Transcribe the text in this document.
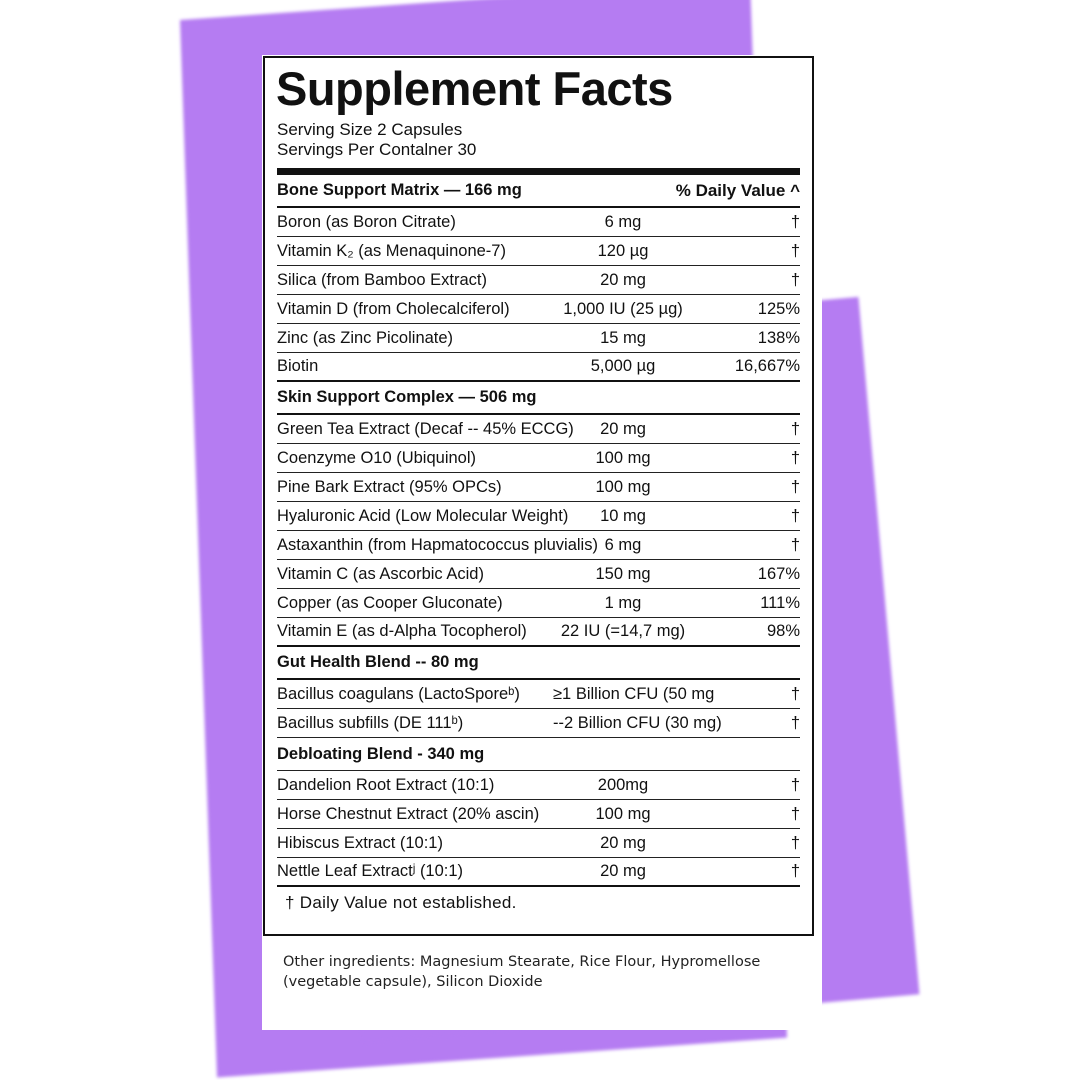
Supplement Facts
Serving Size 2 Capsules
Servings Per Contalner 30
Bone Support Matrix — 166 mg	% Daily Value ^
Boron (as Boron Citrate)	6 mg	†
Vitamin K₂ (as Menaquinone-7)	120 µg	†
Silica (from Bamboo Extract)	20 mg	†
Vitamin D (from Cholecalciferol)	1,000 IU (25 µg)	125%
Zinc (as Zinc Picolinate)	15 mg	138%
Biotin	5,000 µg	16,667%
Skin Support Complex — 506 mg
Green Tea Extract (Decaf -- 45% ECCG)	20 mg	†
Coenzyme O10 (Ubiquinol)	100 mg	†
Pine Bark Extract (95% OPCs)	100 mg	†
Hyaluronic Acid (Low Molecular Weight)	10 mg	†
Astaxanthin (from Hapmatococcus pluvialis) 6 mg	†
Vitamin C (as Ascorbic Acid)	150 mg	167%
Copper (as Cooper Gluconate)	1 mg	111%
Vitamin E (as d-Alpha Tocopherol)	22 IU (=14,7 mg)	98%
Gut Health Blend -- 80 mg
Bacillus coagulans (LactoSporeᵇ)	≥1 Billion CFU (50 mg	†
Bacillus subfills (DE 111ᵇ)	--2 Billion CFU (30 mg)	†
Debloating Blend - 340 mg
Dandelion Root Extract (10:1)	200mg	†
Horse Chestnut Extract (20% ascin)	100 mg	†
Hibiscus Extract (10:1)	20 mg	†
Nettle Leaf Extractʲ (10:1)	20 mg	†
† Daily Value not established.
Other ingredients: Magnesium Stearate, Rice Flour, Hypromellose (vegetable capsule), Silicon Dioxide
